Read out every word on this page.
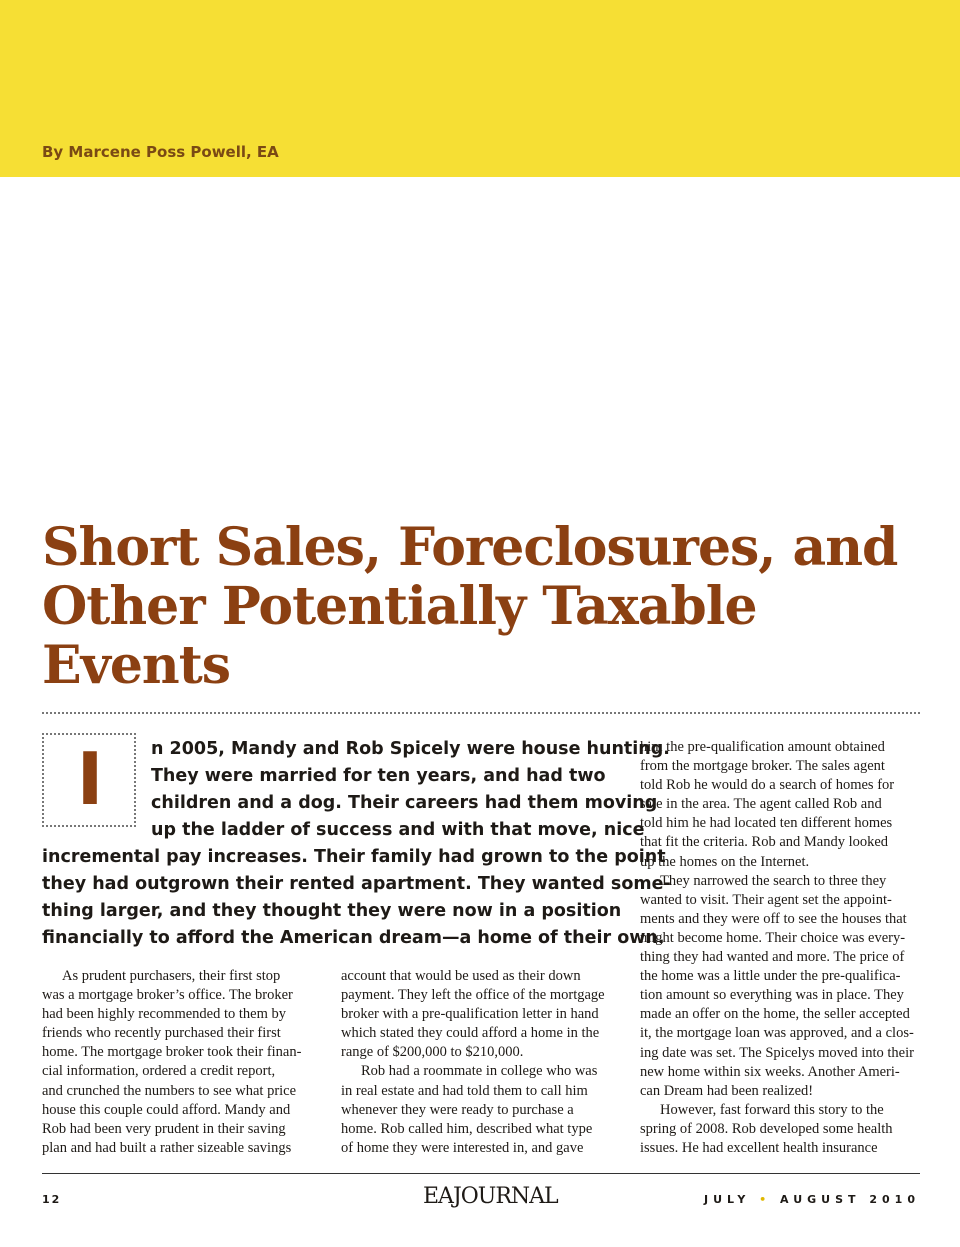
By Marcene Poss Powell, EA
Short Sales, Foreclosures, and
Other Potentially Taxable Events
I	n 2005, Mandy and Rob Spicely were house hunting.

They were married for ten years, and had two

children and a dog. Their careers had them moving

up the ladder of success and with that move, nice

incremental pay increases. Their family had grown to the point

they had outgrown their rented apartment. They wanted some-

thing larger, and they thought they were now in a position

financially to afford the American dream—a home of their own.

As prudent purchasers, their first stop
was a mortgage broker’s office. The broker
had been highly recommended to them by
friends who recently purchased their first
home. The mortgage broker took their finan-
cial information, ordered a credit report,
and crunched the numbers to see what price
house this couple could afford. Mandy and
Rob had been very prudent in their saving
plan and had built a rather sizeable savings
account that would be used as their down
payment. They left the office of the mortgage
broker with a pre-qualification letter in hand
which stated they could afford a home in the
range of $200,000 to $210,000.
Rob had a roommate in college who was
in real estate and had told them to call him
whenever they were ready to purchase a
home. Rob called him, described what type
of home they were interested in, and gave
him the pre-qualification amount obtained
from the mortgage broker. The sales agent
told Rob he would do a search of homes for
sale in the area. The agent called Rob and
told him he had located ten different homes
that fit the criteria. Rob and Mandy looked
up the homes on the Internet.
They narrowed the search to three they
wanted to visit. Their agent set the appoint-
ments and they were off to see the houses that
might become home. Their choice was every-
thing they had wanted and more. The price of
the home was a little under the pre-qualifica-
tion amount so everything was in place. They
made an offer on the home, the seller accepted
it, the mortgage loan was approved, and a clos-
ing date was set. The Spicelys moved into their
new home within six weeks. Another Ameri-
can Dream had been realized!
However, fast forward this story to the
spring of 2008. Rob developed some health
issues. He had excellent health insurance
12	EAJOURNAL	JULY • AUGUST 2010
